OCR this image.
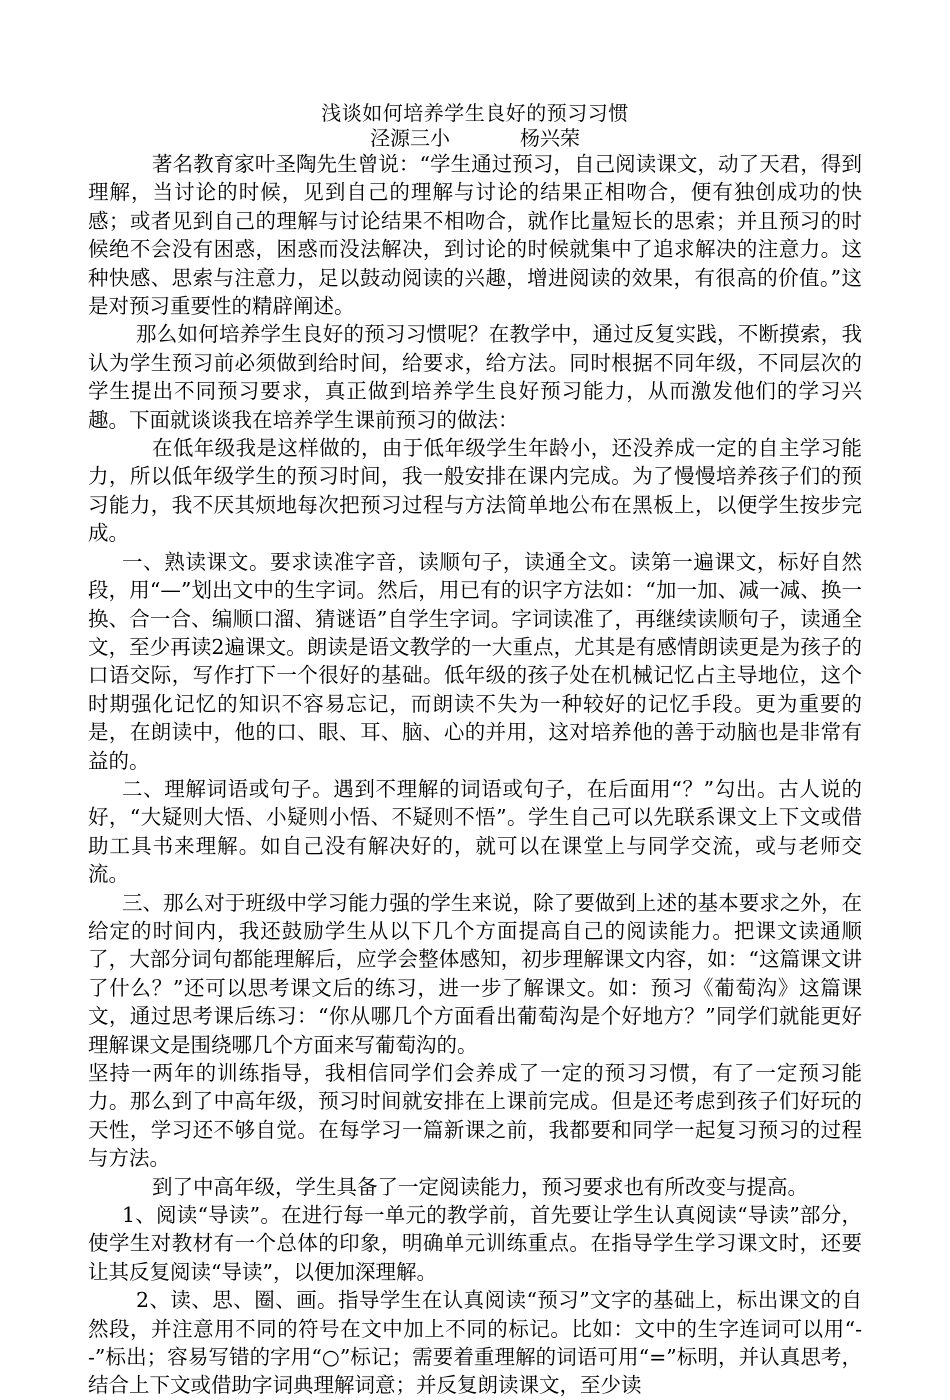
浅谈如何培养学生良好的预习习惯

泾源三小	杨兴荣

著名教育家叶圣陶先生曾说：“学生通过预习，自己阅读课文，动了天君，得到理解，当讨论的时候，见到自己的理解与讨论的结果正相吻合，便有独创成功的快感；或者见到自己的理解与讨论结果不相吻合，就作比量短长的思索；并且预习的时候绝不会没有困惑，困惑而没法解决，到讨论的时候就集中了追求解决的注意力。这种快感、思索与注意力，足以鼓动阅读的兴趣，增进阅读的效果，有很高的价值。”这是对预习重要性的精辟阐述。

那么如何培养学生良好的预习习惯呢？在教学中，通过反复实践，不断摸索，我认为学生预习前必须做到给时间，给要求，给方法。同时根据不同年级，不同层次的学生提出不同预习要求，真正做到培养学生良好预习能力，从而激发他们的学习兴趣。下面就谈谈我在培养学生课前预习的做法：

在低年级我是这样做的，由于低年级学生年龄小，还没养成一定的自主学习能力，所以低年级学生的预习时间，我一般安排在课内完成。为了慢慢培养孩子们的预习能力，我不厌其烦地每次把预习过程与方法简单地公布在黑板上，以便学生按步完成。

一、熟读课文。要求读准字音，读顺句子，读通全文。读第一遍课文，标好自然段，用“—”划出文中的生字词。然后，用已有的识字方法如：“加一加、减一减、换一换、合一合、编顺口溜、猜谜语”自学生字词。字词读准了，再继续读顺句子，读通全文，至少再读2遍课文。朗读是语文教学的一大重点，尤其是有感情朗读更是为孩子的口语交际，写作打下一个很好的基础。低年级的孩子处在机械记忆占主导地位，这个时期强化记忆的知识不容易忘记，而朗读不失为一种较好的记忆手段。更为重要的是，在朗读中，他的口、眼、耳、脑、心的并用，这对培养他的善于动脑也是非常有益的。

二、理解词语或句子。遇到不理解的词语或句子，在后面用“？”勾出。古人说的好，“大疑则大悟、小疑则小悟、不疑则不悟”。学生自己可以先联系课文上下文或借助工具书来理解。如自己没有解决好的，就可以在课堂上与同学交流，或与老师交流。

三、那么对于班级中学习能力强的学生来说，除了要做到上述的基本要求之外，在给定的时间内，我还鼓励学生从以下几个方面提高自己的阅读能力。把课文读通顺了，大部分词句都能理解后，应学会整体感知，初步理解课文内容，如：“这篇课文讲了什么？”还可以思考课文后的练习，进一步了解课文。如：预习《葡萄沟》这篇课文，通过思考课后练习：“你从哪几个方面看出葡萄沟是个好地方？”同学们就能更好理解课文是围绕哪几个方面来写葡萄沟的。

坚持一两年的训练指导，我相信同学们会养成了一定的预习习惯，有了一定预习能力。那么到了中高年级，预习时间就安排在上课前完成。但是还考虑到孩子们好玩的天性，学习还不够自觉。在每学习一篇新课之前，我都要和同学一起复习预习的过程与方法。

到了中高年级，学生具备了一定阅读能力，预习要求也有所改变与提高。

1、阅读“导读”。在进行每一单元的教学前，首先要让学生认真阅读“导读”部分，使学生对教材有一个总体的印象，明确单元训练重点。在指导学生学习课文时，还要让其反复阅读“导读”，以便加深理解。

2、读、思、圈、画。指导学生在认真阅读“预习”文字的基础上，标出课文的自然段，并注意用不同的符号在文中加上不同的标记。比如：文中的生字连词可以用“--”标出；容易写错的字用“○”标记；需要着重理解的词语可用“=”标明，并认真思考，结合上下文或借助字词典理解词意；并反复朗读课文，至少读
